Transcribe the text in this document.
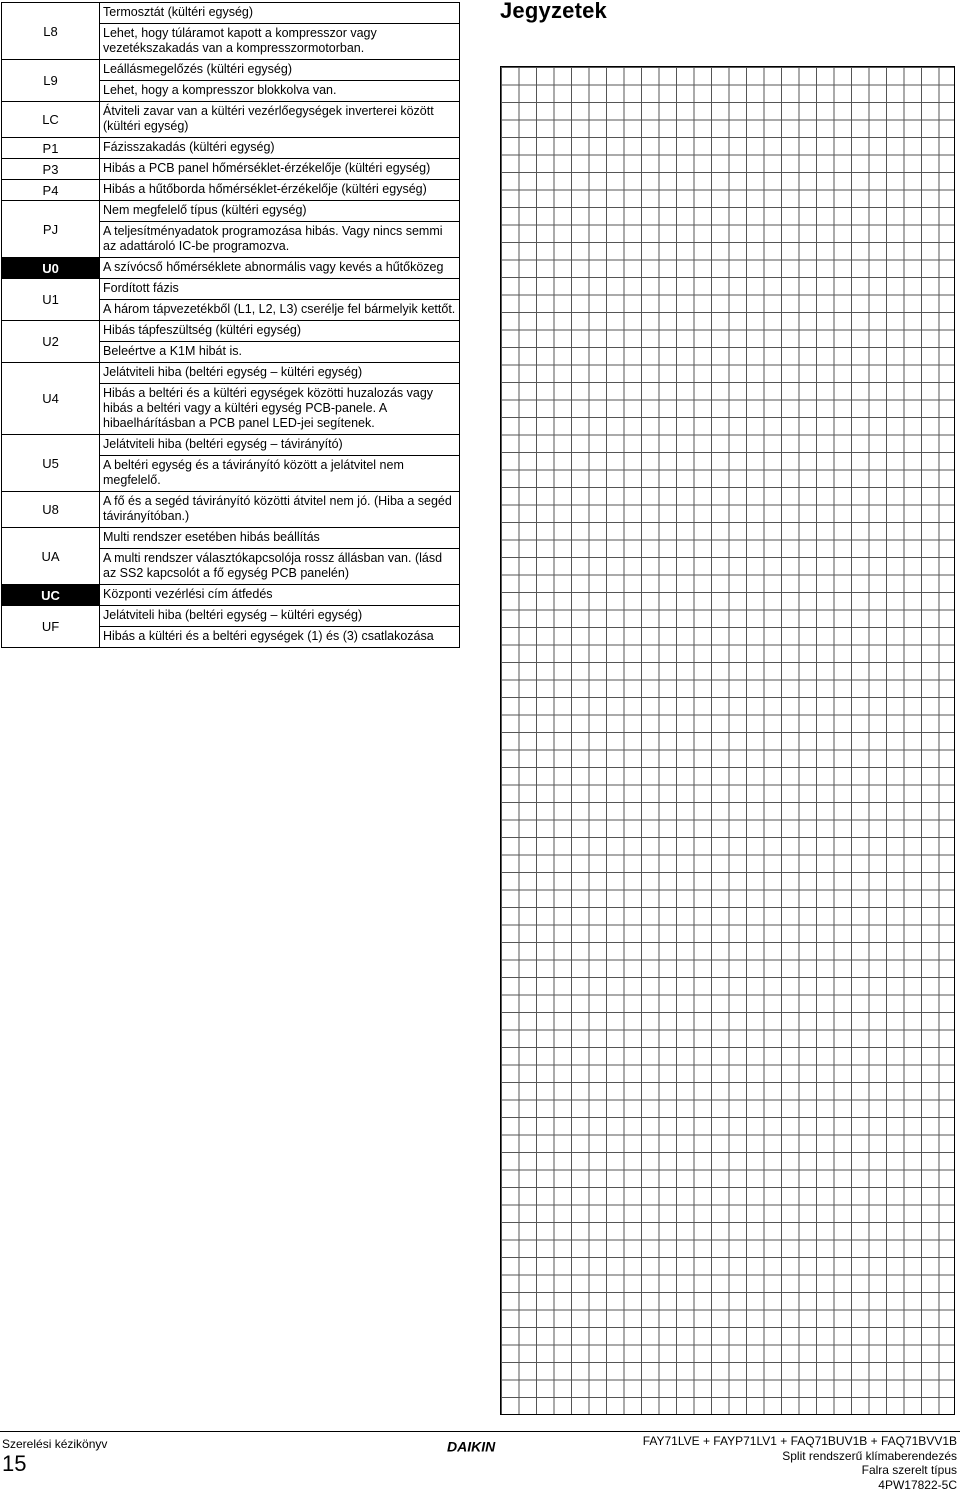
L8	Termosztát (kültéri egység)
Lehet, hogy túláramot kapott a kompresszor vagy vezetékszakadás van a kompresszormotorban.

L9	Leállásmegelőzés (kültéri egység)
Lehet, hogy a kompresszor blokkolva van.

LC	Átviteli zavar van a kültéri vezérlőegységek inverterei között (kültéri egység)

P1	Fázisszakadás (kültéri egység)

P3	Hibás a PCB panel hőmérséklet-érzékelője (kültéri egység)

P4	Hibás a hűtőborda hőmérséklet-érzékelője (kültéri egység)

PJ	Nem megfelelő típus (kültéri egység)
A teljesítményadatok programozása hibás. Vagy nincs semmi az adattároló IC-be programozva.

U0	A szívócső hőmérséklete abnormális vagy kevés a hűtőközeg

U1	Fordított fázis
A három tápvezetékből (L1, L2, L3) cserélje fel bármelyik kettőt.

U2	Hibás tápfeszültség (kültéri egység)
Beleértve a K1M hibát is.

U4	Jelátviteli hiba (beltéri egység – kültéri egység)
Hibás a beltéri és a kültéri egységek közötti huzalozás vagy hibás a beltéri vagy a kültéri egység PCB-panele. A hibaelhárításban a PCB panel LED-jei segítenek.

U5	Jelátviteli hiba (beltéri egység – távirányító)
A beltéri egység és a távirányító között a jelátvitel nem megfelelő.

U8	A fő és a segéd távirányító közötti átvitel nem jó. (Hiba a segéd távirányítóban.)

UA	Multi rendszer esetében hibás beállítás
A multi rendszer választókapcsolója rossz állásban van. (lásd az SS2 kapcsolót a fő egység PCB panelén)

UC	Központi vezérlési cím átfedés

UF	Jelátviteli hiba (beltéri egység – kültéri egység)
Hibás a kültéri és a beltéri egységek (1) és (3) csatlakozása
Jegyzetek
Szerelési kézikönyv
15
DAIKIN	FAY71LVE + FAYP71LV1 + FAQ71BUV1B + FAQ71BVV1B
Split rendszerű klímaberendezés
Falra szerelt típus
4PW17822-5C
